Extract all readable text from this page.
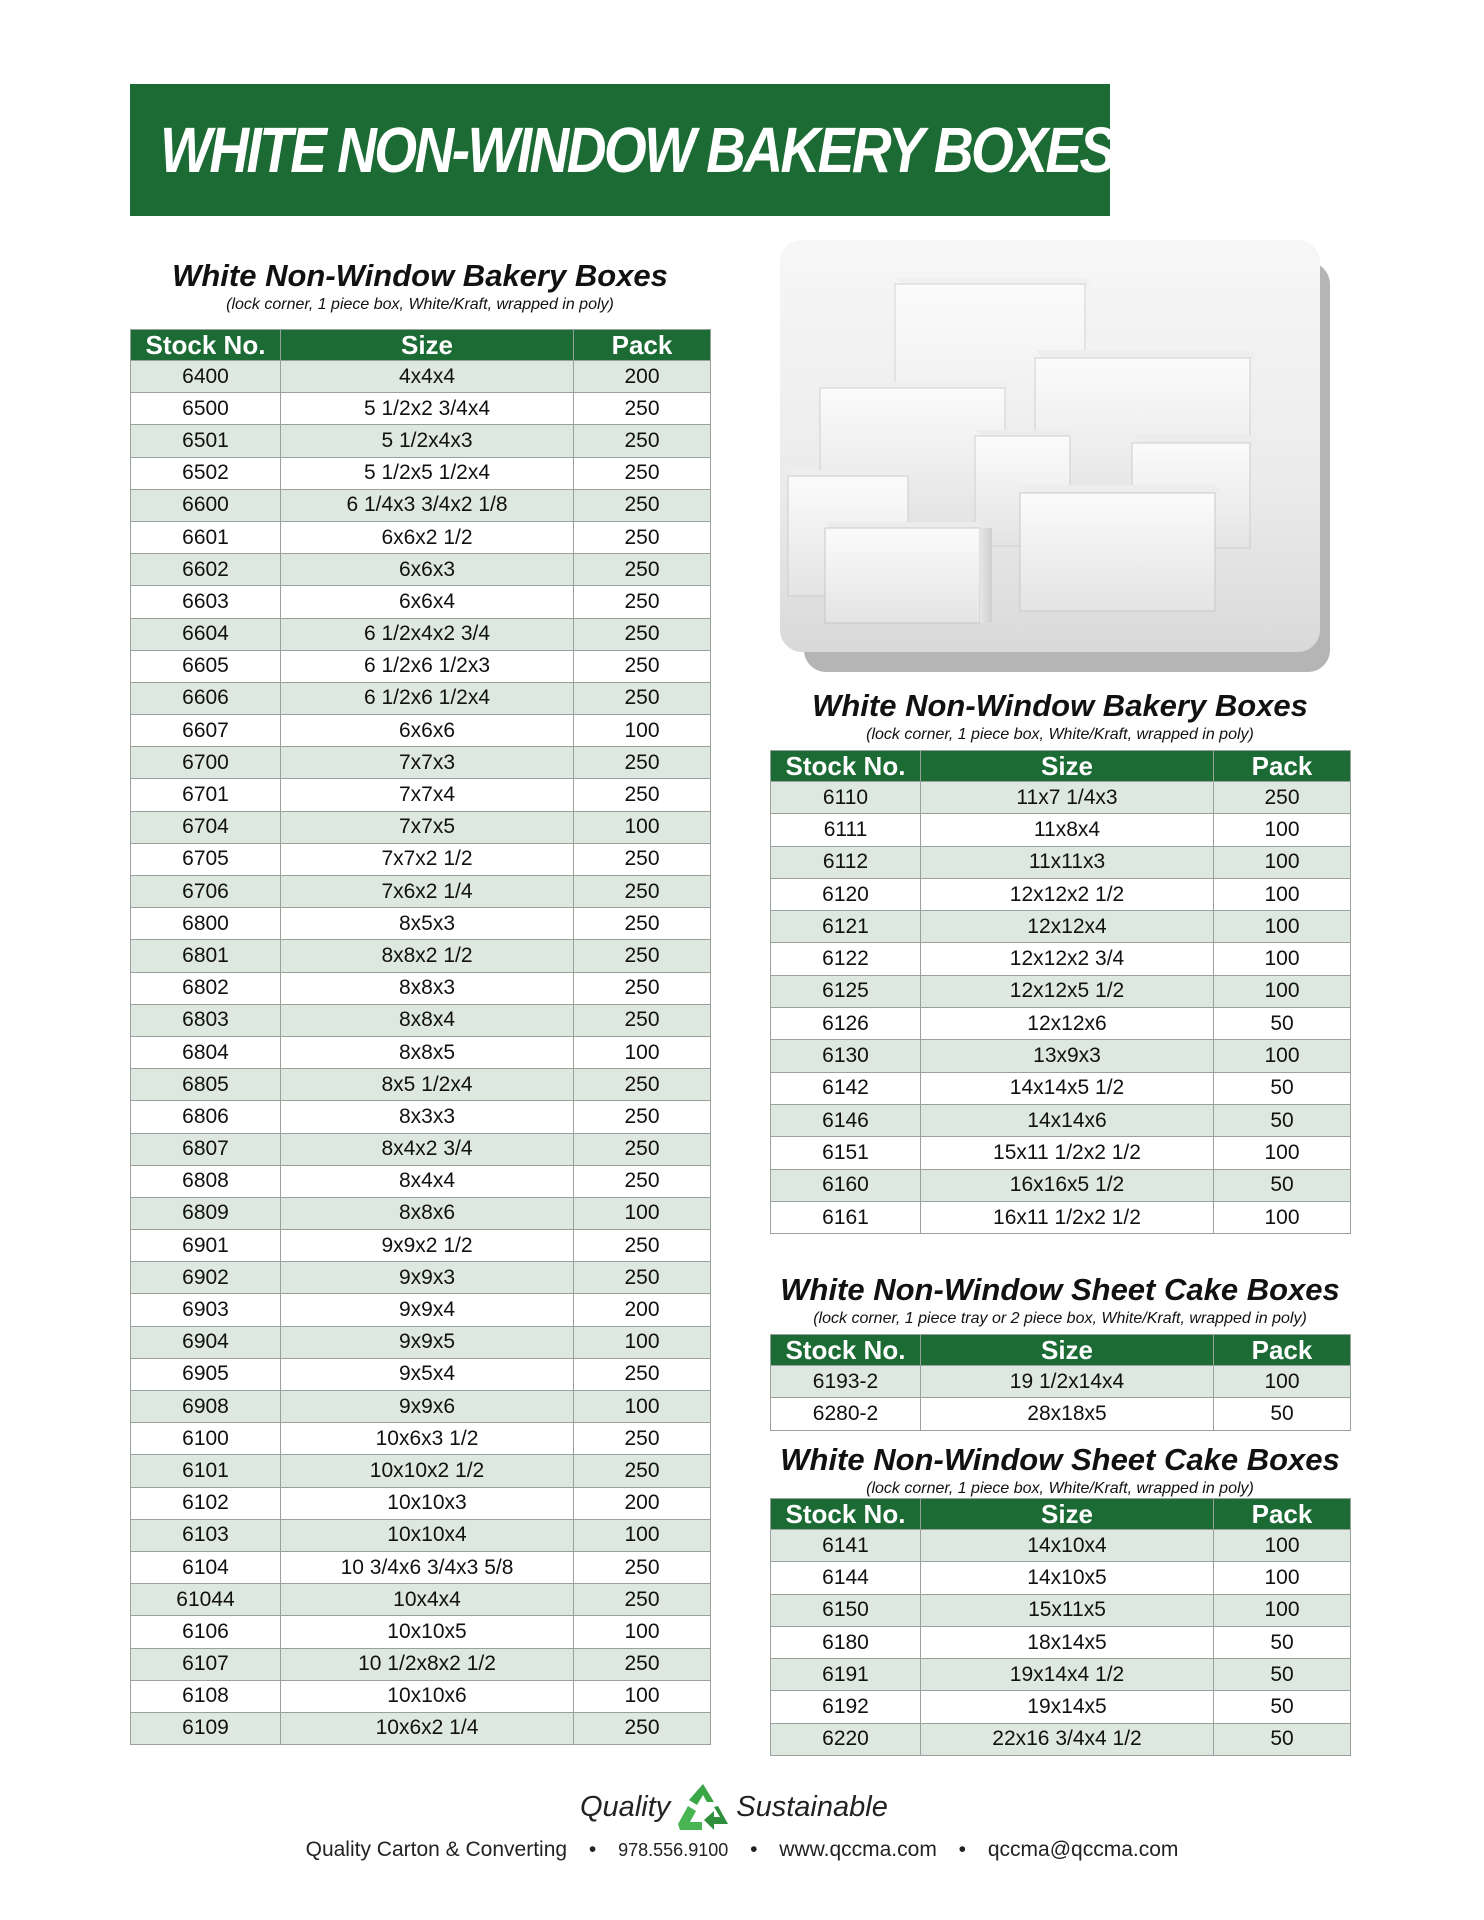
WHITE NON-WINDOW BAKERY BOXES
White Non-Window Bakery Boxes
(lock corner, 1 piece box, White/Kraft, wrapped in poly)
Stock No.	Size	Pack
6400	4x4x4	200
6500	5 1/2x2 3/4x4	250
6501	5 1/2x4x3	250
6502	5 1/2x5 1/2x4	250
6600	6 1/4x3 3/4x2 1/8	250
6601	6x6x2 1/2	250
6602	6x6x3	250
6603	6x6x4	250
6604	6 1/2x4x2 3/4	250
6605	6 1/2x6 1/2x3	250
6606	6 1/2x6 1/2x4	250
6607	6x6x6	100
6700	7x7x3	250
6701	7x7x4	250
6704	7x7x5	100
6705	7x7x2 1/2	250
6706	7x6x2 1/4	250
6800	8x5x3	250
6801	8x8x2 1/2	250
6802	8x8x3	250
6803	8x8x4	250
6804	8x8x5	100
6805	8x5 1/2x4	250
6806	8x3x3	250
6807	8x4x2 3/4	250
6808	8x4x4	250
6809	8x8x6	100
6901	9x9x2 1/2	250
6902	9x9x3	250
6903	9x9x4	200
6904	9x9x5	100
6905	9x5x4	250
6908	9x9x6	100
6100	10x6x3 1/2	250
6101	10x10x2 1/2	250
6102	10x10x3	200
6103	10x10x4	100
6104	10 3/4x6 3/4x3 5/8	250
61044	10x4x4	250
6106	10x10x5	100
6107	10 1/2x8x2 1/2	250
6108	10x10x6	100
6109	10x6x2 1/4	250
White Non-Window Bakery Boxes
(lock corner, 1 piece box, White/Kraft, wrapped in poly)
Stock No.	Size	Pack
6110	11x7 1/4x3	250
6111	11x8x4	100
6112	11x11x3	100
6120	12x12x2 1/2	100
6121	12x12x4	100
6122	12x12x2 3/4	100
6125	12x12x5 1/2	100
6126	12x12x6	50
6130	13x9x3	100
6142	14x14x5 1/2	50
6146	14x14x6	50
6151	15x11 1/2x2 1/2	100
6160	16x16x5 1/2	50
6161	16x11 1/2x2 1/2	100
White Non-Window Sheet Cake Boxes
(lock corner, 1 piece tray or 2 piece box, White/Kraft, wrapped in poly)
Stock No.	Size	Pack
6193-2	19 1/2x14x4	100
6280-2	28x18x5	50
White Non-Window Sheet Cake Boxes
(lock corner, 1 piece box, White/Kraft, wrapped in poly)
Stock No.	Size	Pack
6141	14x10x4	100
6144	14x10x5	100
6150	15x11x5	100
6180	18x14x5	50
6191	19x14x4 1/2	50
6192	19x14x5	50
6220	22x16 3/4x4 1/2	50
Quality Sustainable
Quality Carton & Converting • 978.556.9100 • www.qccma.com • qccma@qccma.com
